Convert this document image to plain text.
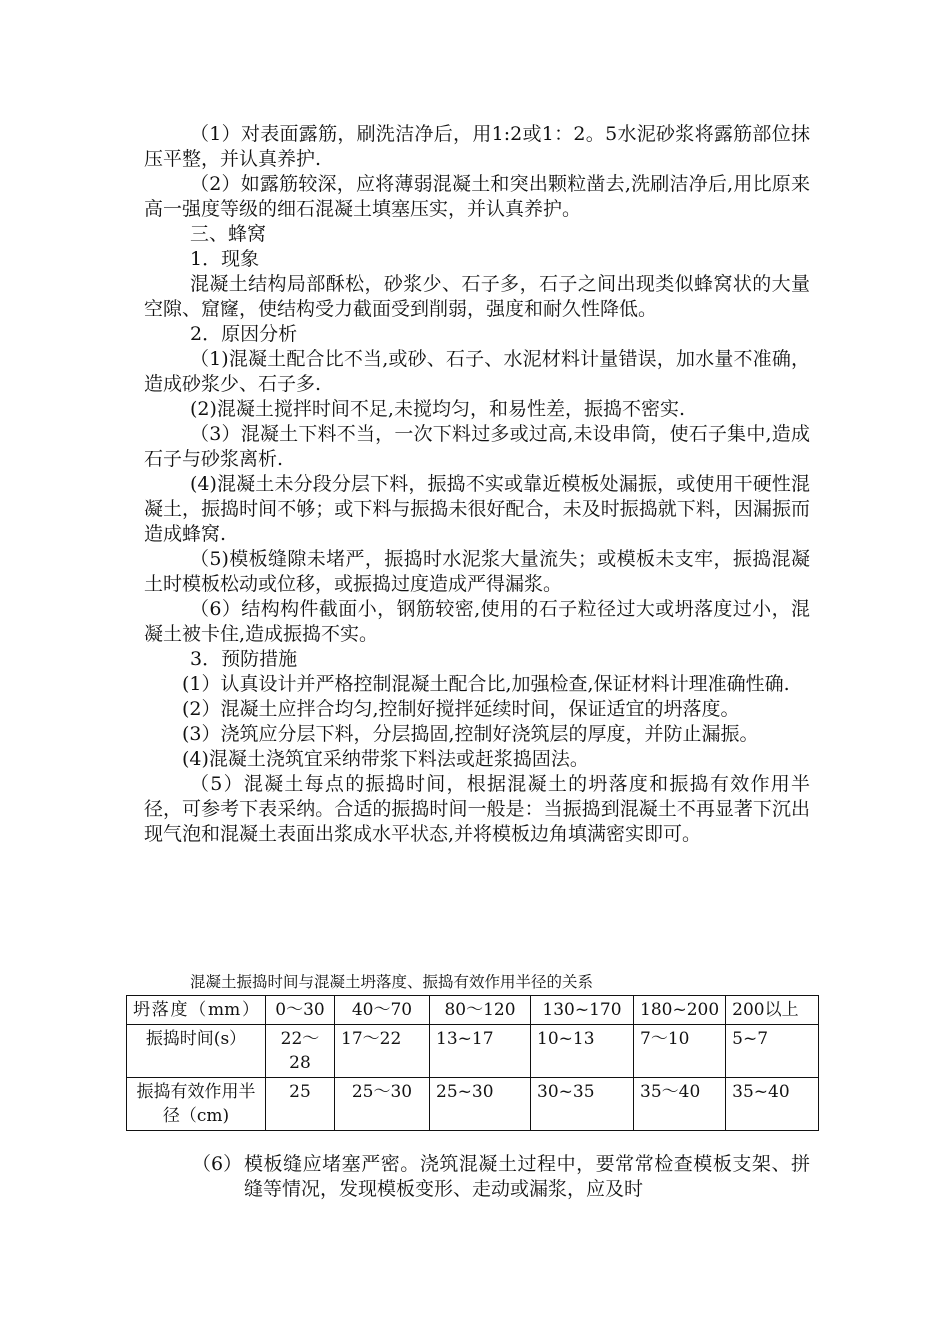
（1）对表面露筋，刷洗洁净后，用1:2或1：2。5水泥砂浆将露筋部位抹压平整，并认真养护.

（2）如露筋较深，应将薄弱混凝土和突出颗粒凿去,洗刷洁净后,用比原来高一强度等级的细石混凝土填塞压实，并认真养护。

三、蜂窝

1．现象

混凝土结构局部酥松，砂浆少、石子多，石子之间出现类似蜂窝状的大量空隙、窟窿，使结构受力截面受到削弱，强度和耐久性降低。

2．原因分析

（1)混凝土配合比不当,或砂、石子、水泥材料计量错误，加水量不准确，造成砂浆少、石子多.

(2)混凝土搅拌时间不足,未搅均匀，和易性差，振捣不密实.

（3）混凝土下料不当，一次下料过多或过高,未设串筒，使石子集中,造成石子与砂浆离析.

(4)混凝土未分段分层下料，振捣不实或靠近模板处漏振，或使用干硬性混凝土，振捣时间不够；或下料与振捣未很好配合，未及时振捣就下料，因漏振而造成蜂窝.

（5)模板缝隙未堵严，振捣时水泥浆大量流失；或模板未支牢，振捣混凝土时模板松动或位移，或振捣过度造成严得漏浆。

（6）结构构件截面小，钢筋较密,使用的石子粒径过大或坍落度过小，混凝土被卡住,造成振捣不实。

3．预防措施

(1）认真设计并严格控制混凝土配合比,加强检查,保证材料计理准确性确.

(2）混凝土应拌合均匀,控制好搅拌延续时间，保证适宜的坍落度。

(3）浇筑应分层下料，分层捣固,控制好浇筑层的厚度，并防止漏振。

(4)混凝土浇筑宜采纳带浆下料法或赶浆捣固法。

（5）混凝土每点的振捣时间，根据混凝土的坍落度和振捣有效作用半径，可参考下表采纳。合适的振捣时间一般是：当振捣到混凝土不再显著下沉出现气泡和混凝土表面出浆成水平状态,并将模板边角填满密实即可。

混凝土振捣时间与混凝土坍落度、振捣有效作用半径的关系
坍落度（mm）	0～30	40～70	80～120	130~170	180~200	200以上
振捣时间(s）	22～28	17～22	13~17	10~13	7～10	5~7
振捣有效作用半径（cm)	25	25～30	25~30	30~35	35～40	35~40
（6） 模板缝应堵塞严密。浇筑混凝土过程中，要常常检查模板支架、拼缝等情况，发现模板变形、走动或漏浆，应及时
